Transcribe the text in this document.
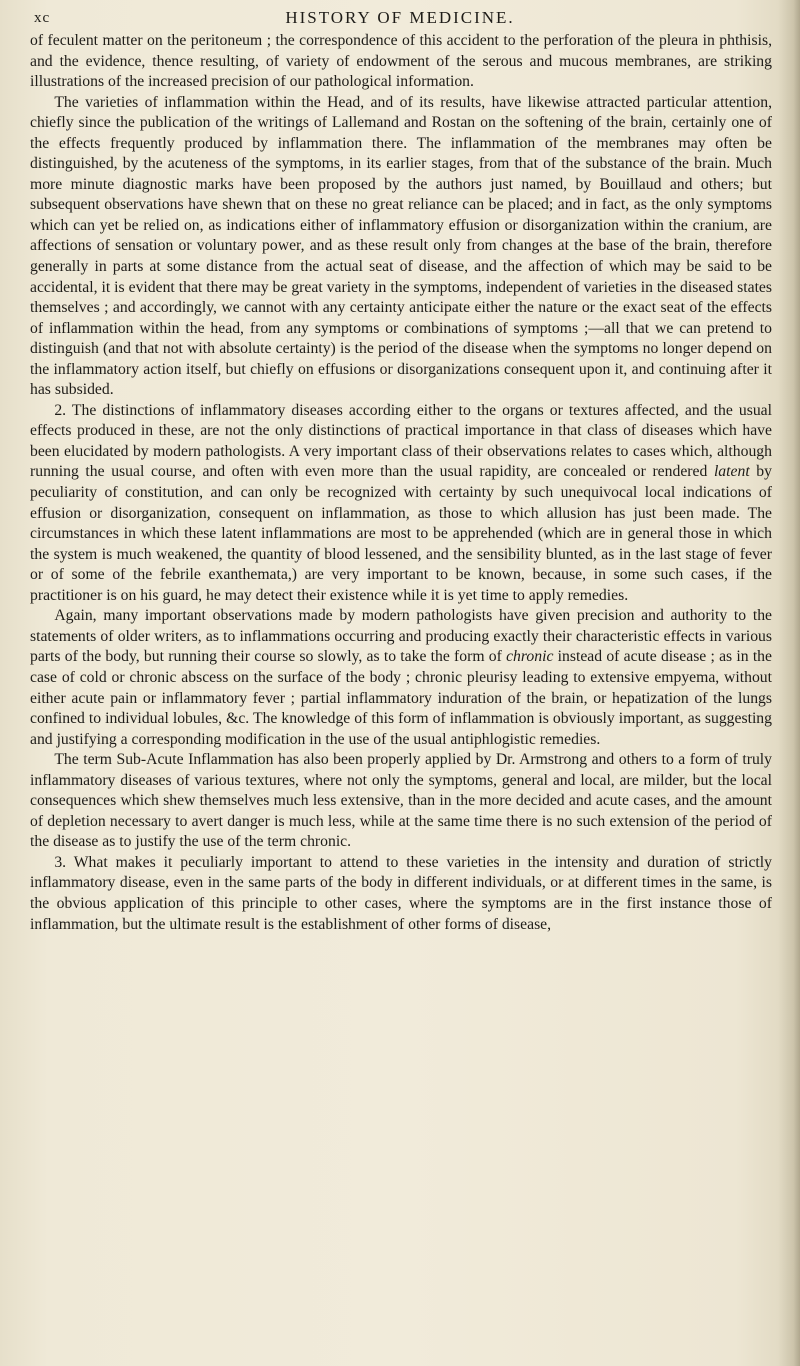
xc	HISTORY OF MEDICINE.

of feculent matter on the peritoneum ; the correspondence of this accident to the perforation of the pleura in phthisis, and the evidence, thence resulting, of variety of endowment of the serous and mucous membranes, are striking illustrations of the increased precision of our pathological information.

The varieties of inflammation within the Head, and of its results, have likewise attracted particular attention, chiefly since the publication of the writings of Lallemand and Rostan on the softening of the brain, certainly one of the effects frequently produced by inflammation there. The inflammation of the membranes may often be distinguished, by the acuteness of the symptoms, in its earlier stages, from that of the substance of the brain. Much more minute diagnostic marks have been proposed by the authors just named, by Bouillaud and others; but subsequent observations have shewn that on these no great reliance can be placed; and in fact, as the only symptoms which can yet be relied on, as indications either of inflammatory effusion or disorganization within the cranium, are affections of sensation or voluntary power, and as these result only from changes at the base of the brain, therefore generally in parts at some distance from the actual seat of disease, and the affection of which may be said to be accidental, it is evident that there may be great variety in the symptoms, independent of varieties in the diseased states themselves ; and accordingly, we cannot with any certainty anticipate either the nature or the exact seat of the effects of inflammation within the head, from any symptoms or combinations of symptoms ;—all that we can pretend to distinguish (and that not with absolute certainty) is the period of the disease when the symptoms no longer depend on the inflammatory action itself, but chiefly on effusions or disorganizations consequent upon it, and continuing after it has subsided.

2. The distinctions of inflammatory diseases according either to the organs or textures affected, and the usual effects produced in these, are not the only distinctions of practical importance in that class of diseases which have been elucidated by modern pathologists. A very important class of their observations relates to cases which, although running the usual course, and often with even more than the usual rapidity, are concealed or rendered latent by peculiarity of constitution, and can only be recognized with certainty by such unequivocal local indications of effusion or disorganization, consequent on inflammation, as those to which allusion has just been made. The circumstances in which these latent inflammations are most to be apprehended (which are in general those in which the system is much weakened, the quantity of blood lessened, and the sensibility blunted, as in the last stage of fever or of some of the febrile exanthemata,) are very important to be known, because, in some such cases, if the practitioner is on his guard, he may detect their existence while it is yet time to apply remedies.

Again, many important observations made by modern pathologists have given precision and authority to the statements of older writers, as to inflammations occurring and producing exactly their characteristic effects in various parts of the body, but running their course so slowly, as to take the form of chronic instead of acute disease ; as in the case of cold or chronic abscess on the surface of the body ; chronic pleurisy leading to extensive empyema, without either acute pain or inflammatory fever ; partial inflammatory induration of the brain, or hepatization of the lungs confined to individual lobules, &c. The knowledge of this form of inflammation is obviously important, as suggesting and justifying a corresponding modification in the use of the usual antiphlogistic remedies.

The term Sub-Acute Inflammation has also been properly applied by Dr. Armstrong and others to a form of truly inflammatory diseases of various textures, where not only the symptoms, general and local, are milder, but the local consequences which shew themselves much less extensive, than in the more decided and acute cases, and the amount of depletion necessary to avert danger is much less, while at the same time there is no such extension of the period of the disease as to justify the use of the term chronic.

3. What makes it peculiarly important to attend to these varieties in the intensity and duration of strictly inflammatory disease, even in the same parts of the body in different individuals, or at different times in the same, is the obvious application of this principle to other cases, where the symptoms are in the first instance those of inflammation, but the ultimate result is the establishment of other forms of disease,
